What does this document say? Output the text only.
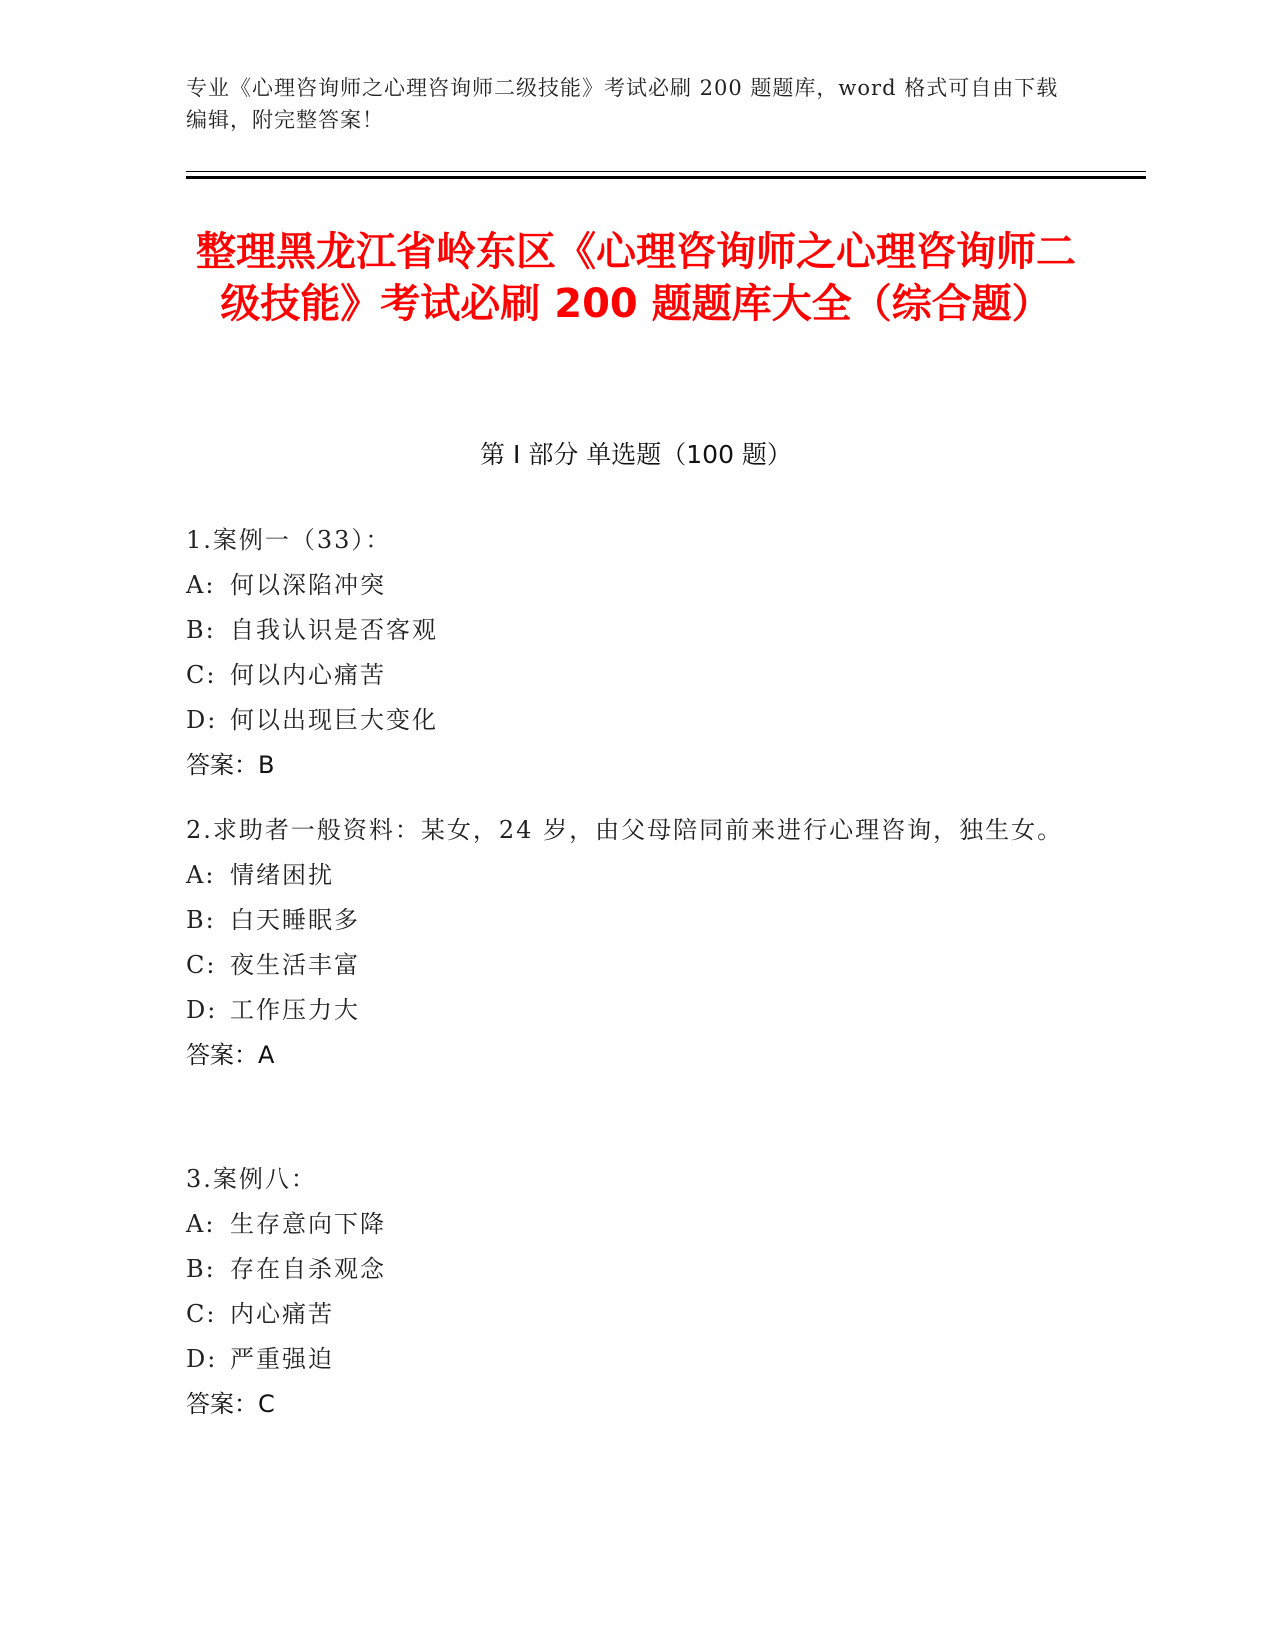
专业《心理咨询师之心理咨询师二级技能》考试必刷 200 题题库，word 格式可自由下载编辑，附完整答案！
整理黑龙江省岭东区《心理咨询师之心理咨询师二级技能》考试必刷 200 题题库大全（综合题）
第 I 部分 单选题（100 题）
1.案例一（33）：
A: 何以深陷冲突
B: 自我认识是否客观
C: 何以内心痛苦
D: 何以出现巨大变化
答案：B
2.求助者一般资料：某女，24 岁，由父母陪同前来进行心理咨询，独生女。
A: 情绪困扰
B: 白天睡眠多
C: 夜生活丰富
D: 工作压力大
答案：A
3.案例八：
A: 生存意向下降
B: 存在自杀观念
C: 内心痛苦
D: 严重强迫
答案：C
